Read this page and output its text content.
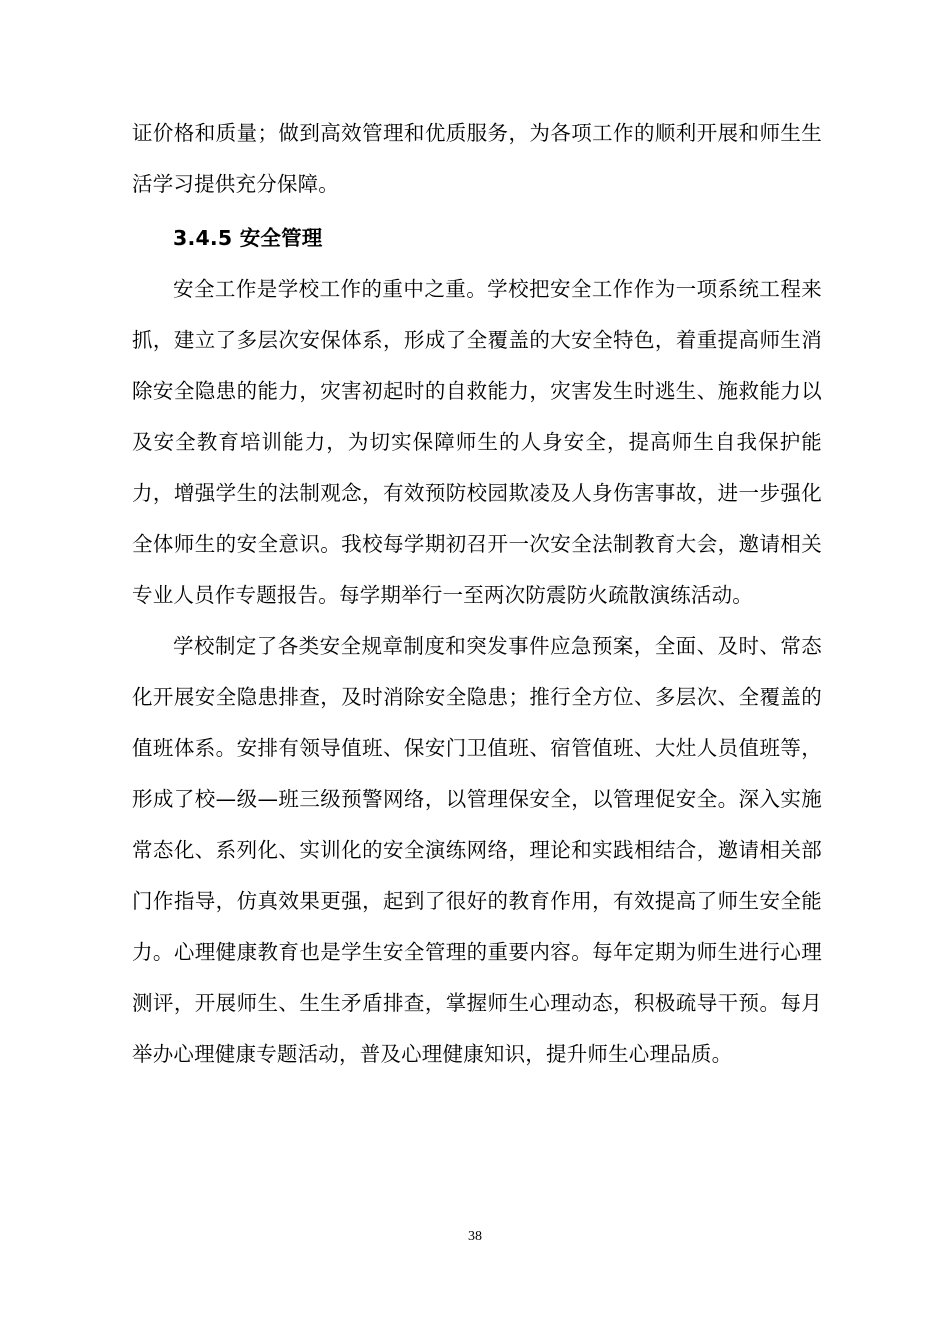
证价格和质量；做到高效管理和优质服务，为各项工作的顺利开展和师生生活学习提供充分保障。

3.4.5 安全管理

安全工作是学校工作的重中之重。学校把安全工作作为一项系统工程来抓，建立了多层次安保体系，形成了全覆盖的大安全特色，着重提高师生消除安全隐患的能力，灾害初起时的自救能力，灾害发生时逃生、施救能力以及安全教育培训能力，为切实保障师生的人身安全，提高师生自我保护能力，增强学生的法制观念，有效预防校园欺凌及人身伤害事故，进一步强化全体师生的安全意识。我校每学期初召开一次安全法制教育大会，邀请相关专业人员作专题报告。每学期举行一至两次防震防火疏散演练活动。

学校制定了各类安全规章制度和突发事件应急预案，全面、及时、常态化开展安全隐患排查，及时消除安全隐患；推行全方位、多层次、全覆盖的值班体系。安排有领导值班、保安门卫值班、宿管值班、大灶人员值班等，形成了校—级—班三级预警网络，以管理保安全，以管理促安全。深入实施常态化、系列化、实训化的安全演练网络，理论和实践相结合，邀请相关部门作指导，仿真效果更强，起到了很好的教育作用，有效提高了师生安全能力。心理健康教育也是学生安全管理的重要内容。每年定期为师生进行心理测评，开展师生、生生矛盾排查，掌握师生心理动态，积极疏导干预。每月举办心理健康专题活动，普及心理健康知识，提升师生心理品质。

38
